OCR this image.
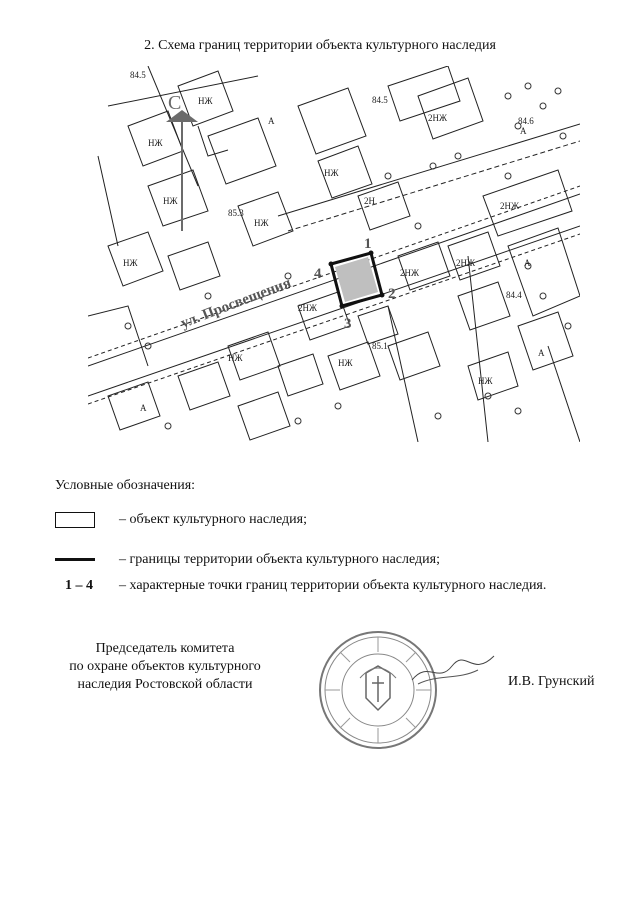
2. Схема границ территории объекта культурного наследия
1
2
3
4
ул. Просвещения
С	84.5
84.5
84.4
84.6
85.1
85.3
НЖ
НЖ
НЖ
НЖ
НЖ
НЖ
НЖ	НЖ
НЖ
2НЖ
2НЖ
2НЖ
2НЖ
2НЖ
2Н
А
А
А
А
А
Условные обозначения:
– объект культурного наследия;
– границы территории объекта культурного наследия;
1 – 4	– характерные точки границ территории объекта культурного наследия.
Председатель комитета
по охране объектов культурного
наследия Ростовской области	И.В. Грунский
